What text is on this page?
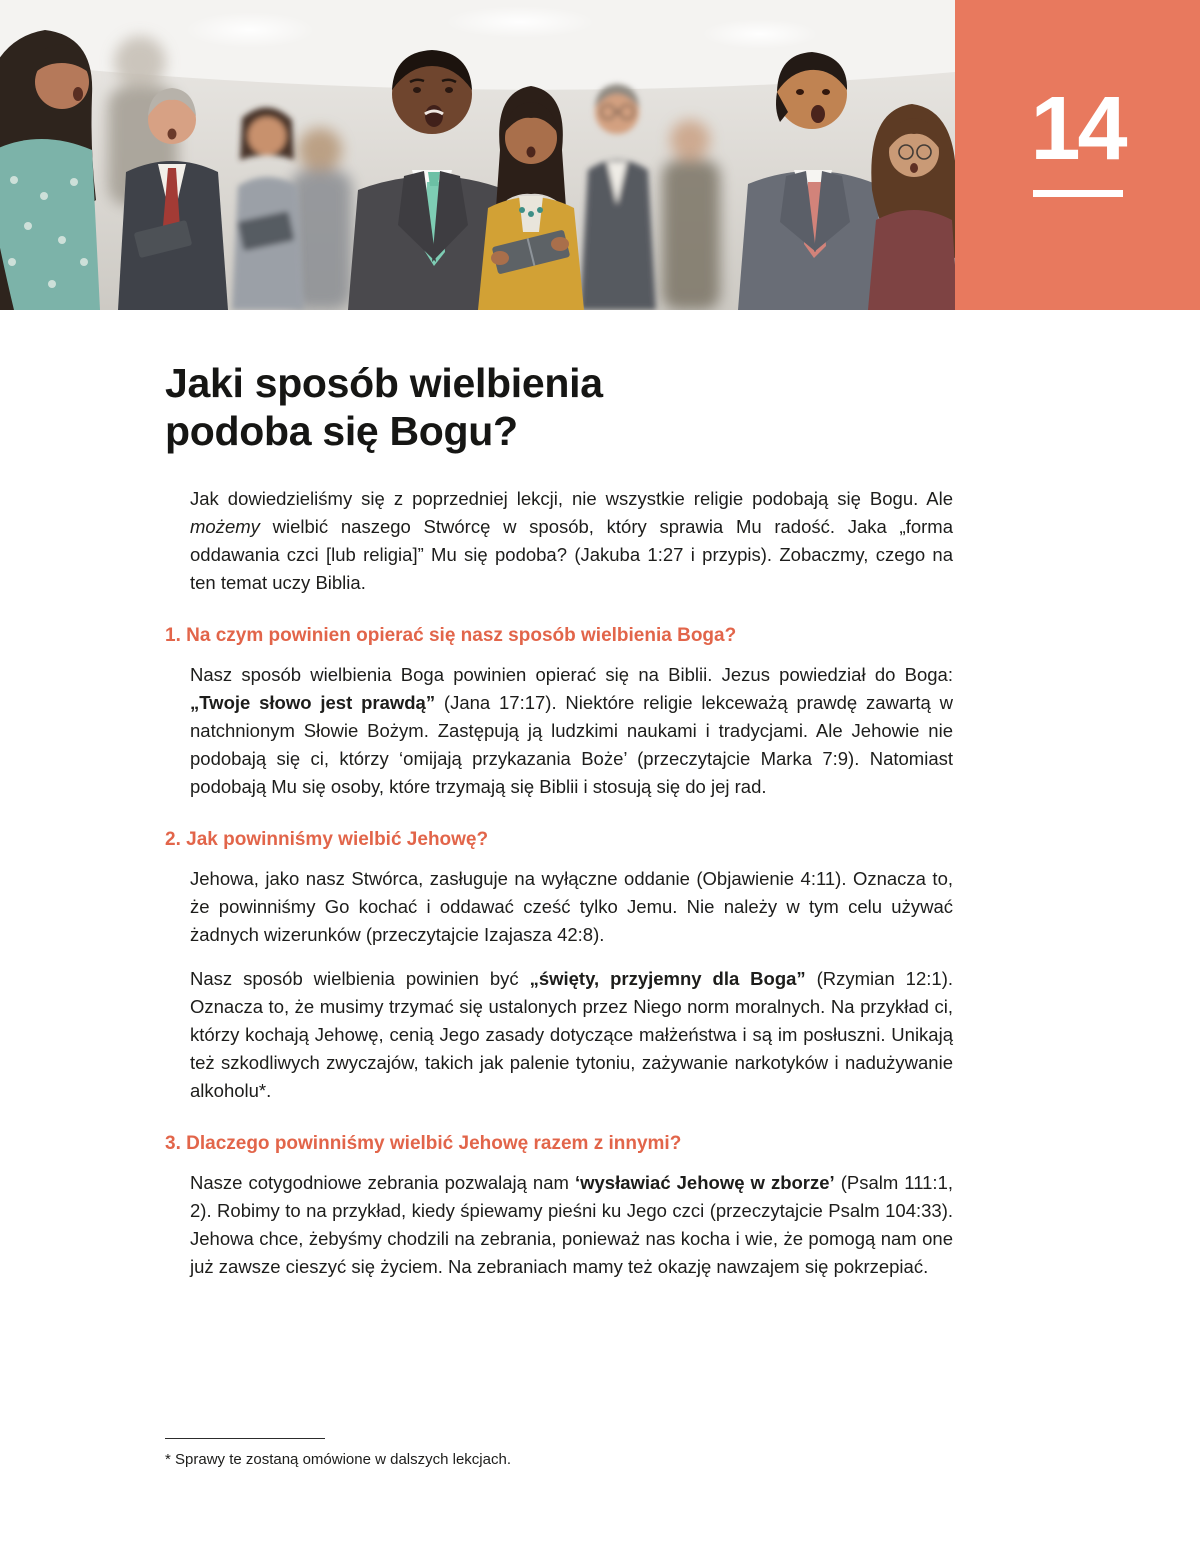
14
Jaki sposób wielbienia
podoba się Bogu?

Jak dowiedzieliśmy się z poprzedniej lekcji, nie wszystkie religie podobają się Bogu. Ale możemy wielbić naszego Stwórcę w sposób, który sprawia Mu radość. Jaka „forma oddawania czci [lub religia]” Mu się podoba? (Jakuba 1:27 i przypis). Zobaczmy, czego na ten temat uczy Biblia.

1. Na czym powinien opierać się nasz sposób wielbienia Boga?

Nasz sposób wielbienia Boga powinien opierać się na Biblii. Jezus powiedział do Boga: „Twoje słowo jest prawdą” (Jana 17:17). Niektóre religie lekceważą prawdę zawartą w natchnionym Słowie Bożym. Zastępują ją ludzkimi naukami i tradycjami. Ale Jehowie nie podobają się ci, którzy ‘omijają przykazania Boże’ (przeczytajcie Marka 7:9). Natomiast podobają Mu się osoby, które trzymają się Biblii i stosują się do jej rad.

2. Jak powinniśmy wielbić Jehowę?

Jehowa, jako nasz Stwórca, zasługuje na wyłączne oddanie (Objawienie 4:11). Oznacza to, że powinniśmy Go kochać i oddawać cześć tylko Jemu. Nie należy w tym celu używać żadnych wizerunków (przeczytajcie Izajasza 42:8).

Nasz sposób wielbienia powinien być „święty, przyjemny dla Boga” (Rzymian 12:1). Oznacza to, że musimy trzymać się ustalonych przez Niego norm moralnych. Na przykład ci, którzy kochają Jehowę, cenią Jego zasady dotyczące małżeństwa i są im posłuszni. Unikają też szkodliwych zwyczajów, takich jak palenie tytoniu, zażywanie narkotyków i nadużywanie alkoholu*.

3. Dlaczego powinniśmy wielbić Jehowę razem z innymi?

Nasze cotygodniowe zebrania pozwalają nam ‘wysławiać Jehowę w zborze’ (Psalm 111:1, 2). Robimy to na przykład, kiedy śpiewamy pieśni ku Jego czci (przeczytajcie Psalm 104:33). Jehowa chce, żebyśmy chodzili na zebrania, ponieważ nas kocha i wie, że pomogą nam one już zawsze cieszyć się życiem. Na zebraniach mamy też okazję nawzajem się pokrzepiać.

* Sprawy te zostaną omówione w dalszych lekcjach.
